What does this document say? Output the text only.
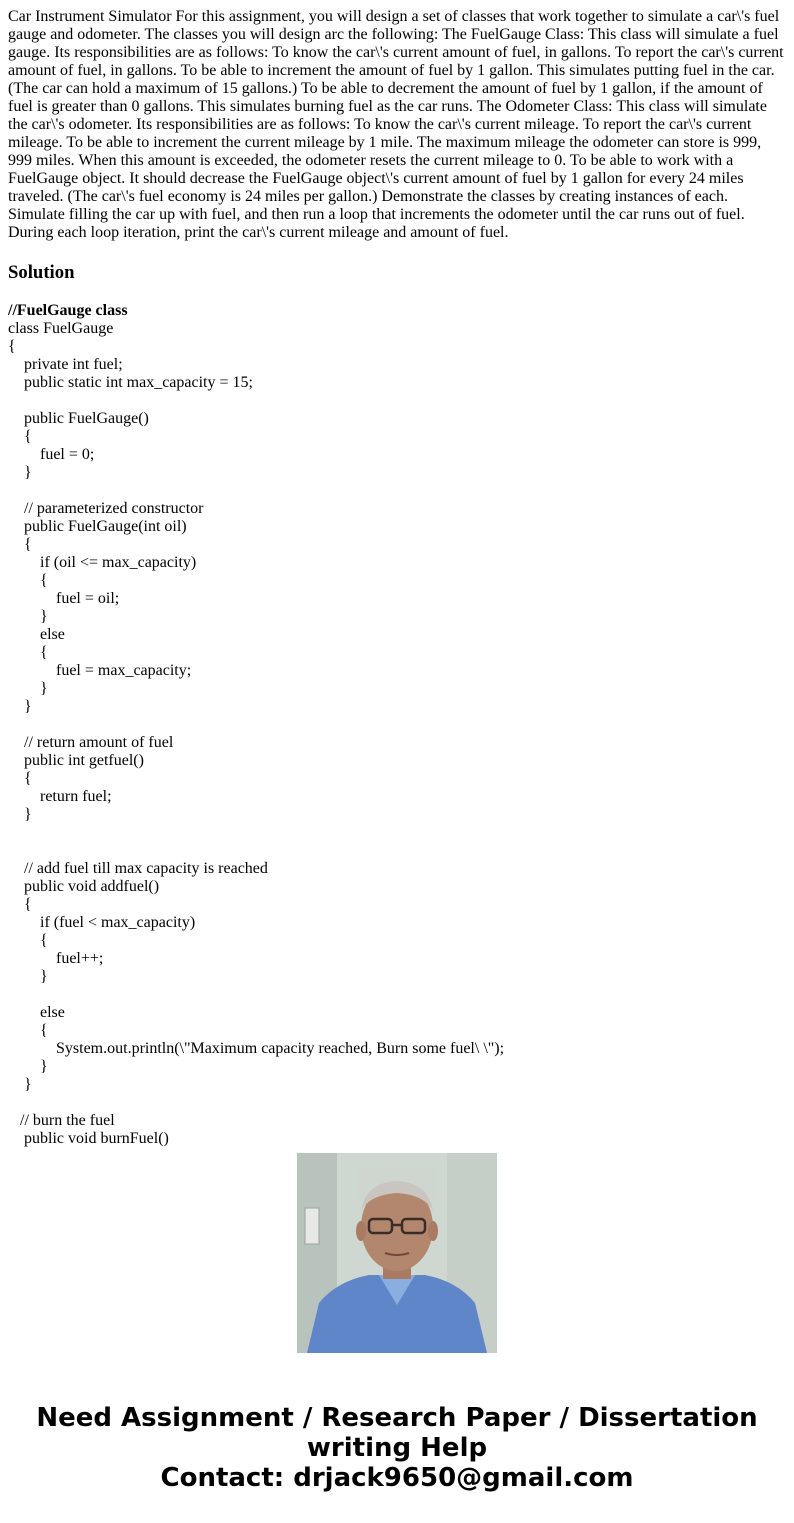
Car Instrument Simulator For this assignment, you will design a set of classes that work together to simulate a car\'s fuel gauge and odometer. The classes you will design arc the following: The FuelGauge Class: This class will simulate a fuel gauge. Its responsibilities are as follows: To know the car\'s current amount of fuel, in gallons. To report the car\'s current amount of fuel, in gallons. To be able to increment the amount of fuel by 1 gallon. This simulates putting fuel in the car. (The car can hold a maximum of 15 gallons.) To be able to decrement the amount of fuel by 1 gallon, if the amount of fuel is greater than 0 gallons. This simulates burning fuel as the car runs. The Odometer Class: This class will simulate the car\'s odometer. Its responsibilities are as follows: To know the car\'s current mileage. To report the car\'s current mileage. To be able to increment the current mileage by 1 mile. The maximum mileage the odometer can store is 999, 999 miles. When this amount is exceeded, the odometer resets the current mileage to 0. To be able to work with a FuelGauge object. It should decrease the FuelGauge object\'s current amount of fuel by 1 gallon for every 24 miles traveled. (The car\'s fuel economy is 24 miles per gallon.) Demonstrate the classes by creating instances of each. Simulate filling the car up with fuel, and then run a loop that increments the odometer until the car runs out of fuel. During each loop iteration, print the car\'s current mileage and amount of fuel.

Solution
//FuelGauge class
class FuelGauge
{
private int fuel;
public static int max_capacity = 15;
public FuelGauge()
{
fuel = 0;
}
// parameterized constructor
public FuelGauge(int oil)
{
if (oil <= max_capacity)
{
fuel = oil;
}
else
{
fuel = max_capacity;
}
}
// return amount of fuel
public int getfuel()
{
return fuel;
}
// add fuel till max capacity is reached
public void addfuel()
{
if (fuel < max_capacity)
{
fuel++;
}
else
{
System.out.println(\"Maximum capacity reached, Burn some fuel\ \");
}
}
// burn the fuel
public void burnFuel()
Need Assignment / Research Paper / Dissertation
writing Help
Contact: drjack9650@gmail.com
